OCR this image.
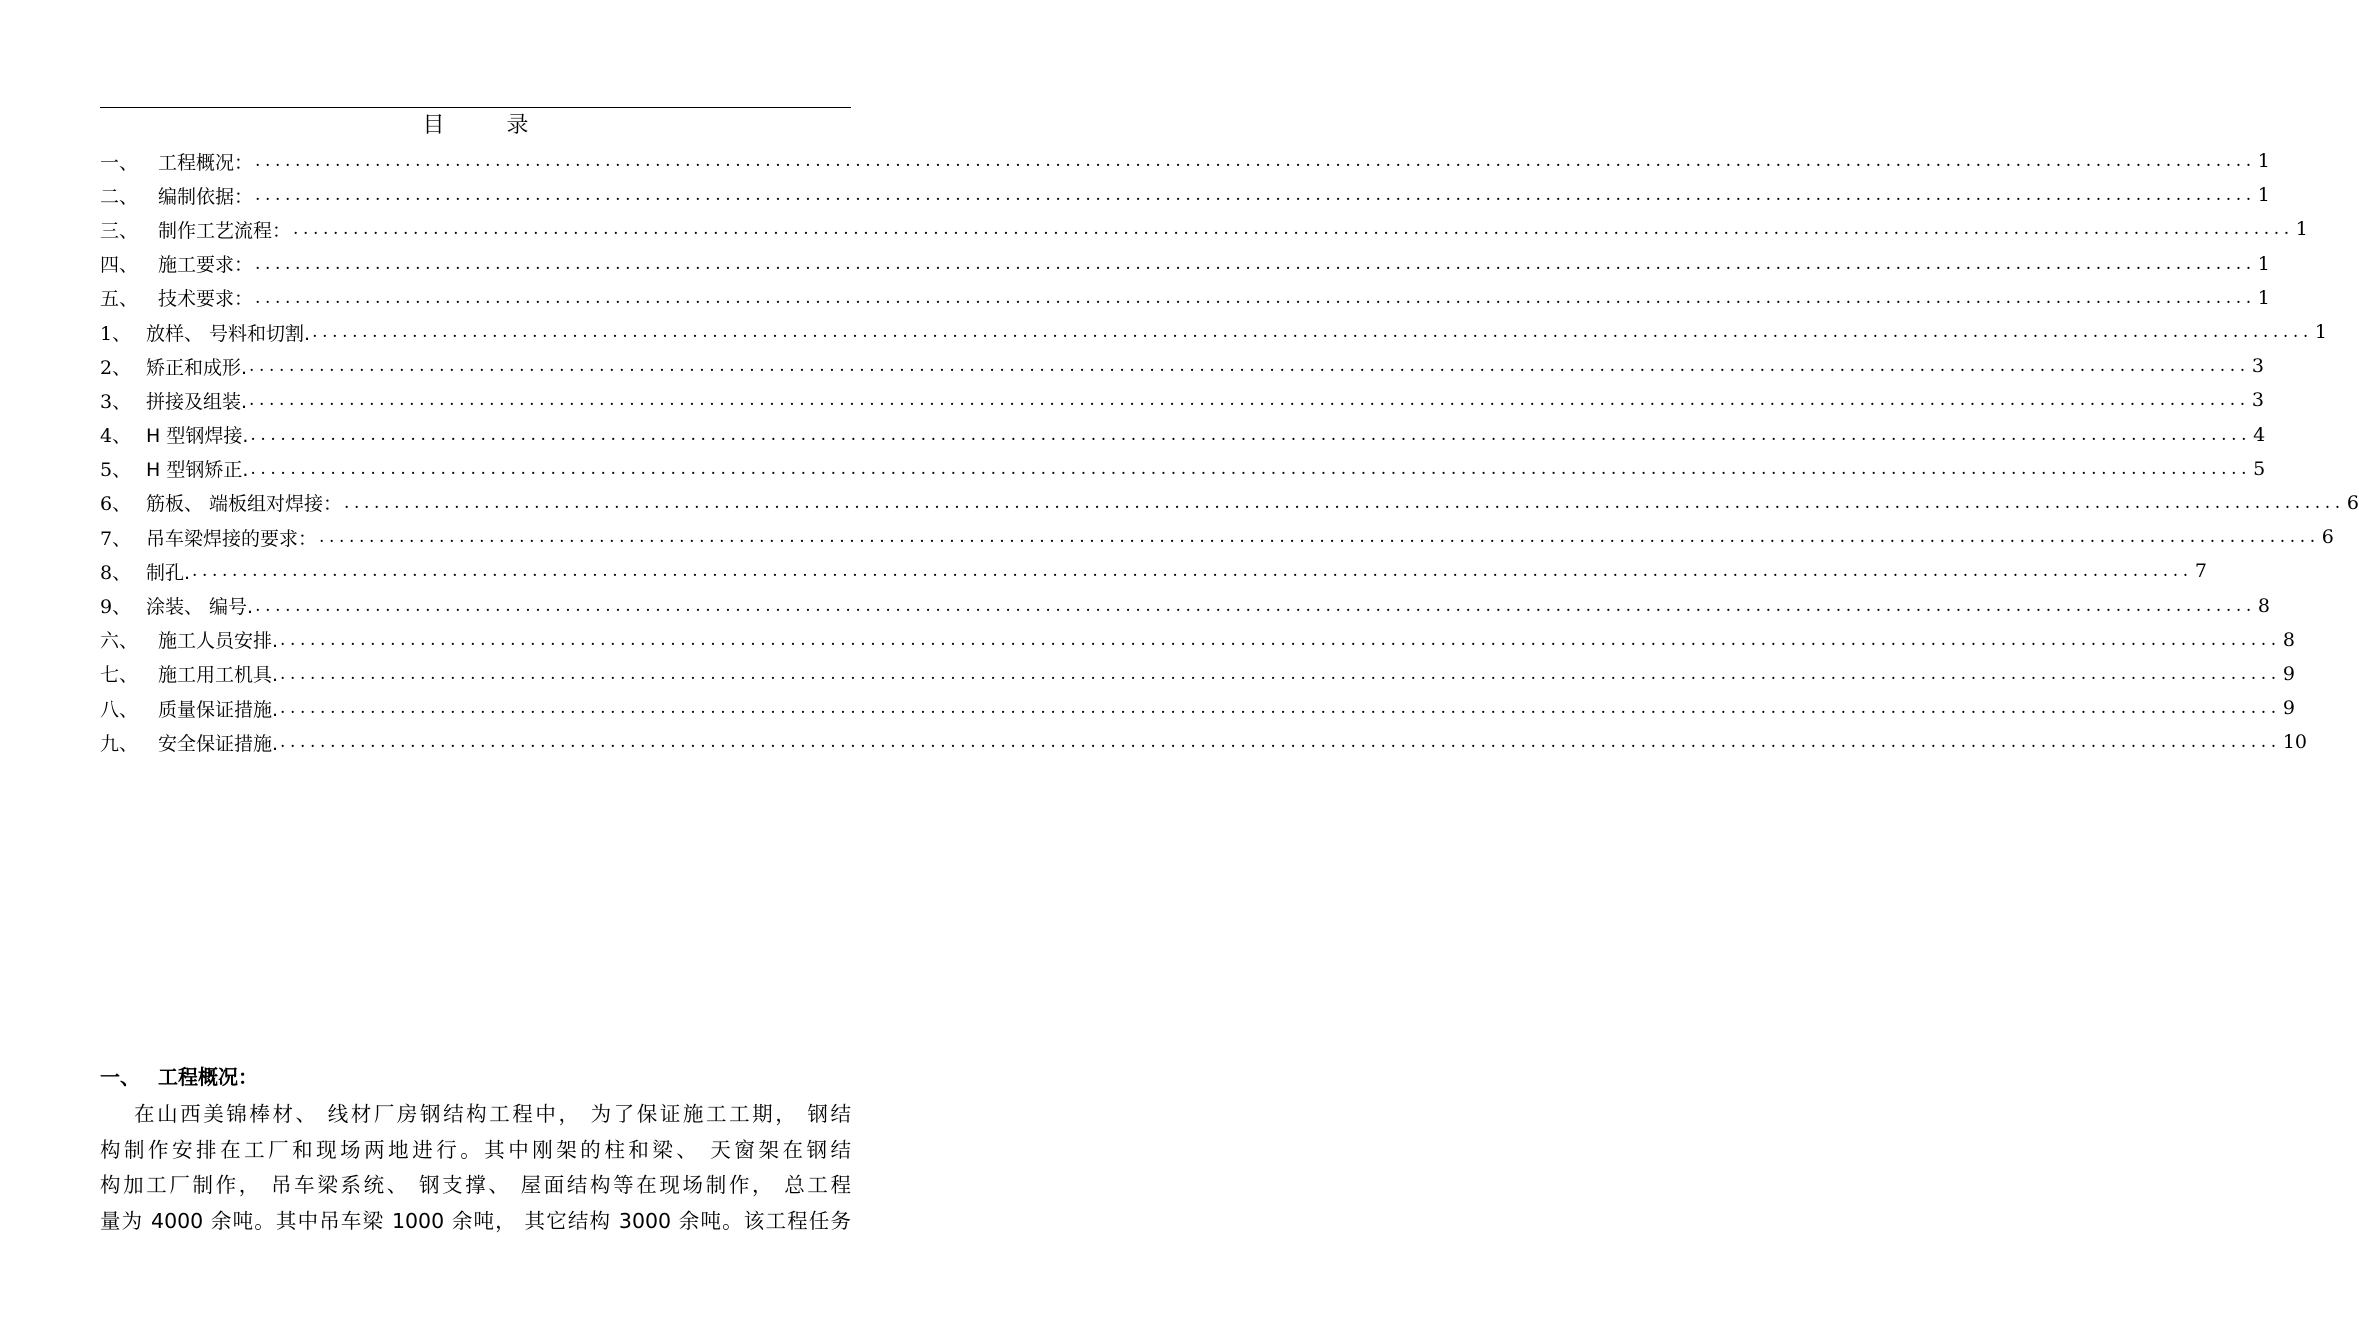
目	录
一、	工程概况： ........................................................................................................................................................................................................ 1
二、	编制依据： ........................................................................................................................................................................................................ 1
三、	制作工艺流程： ........................................................................................................................................................................................................ 1
四、	施工要求： ........................................................................................................................................................................................................ 1
五、	技术要求： ........................................................................................................................................................................................................ 1
1、 放样、 号料和切割. ........................................................................................................................................................................................................ 1
2、 矫正和成形. ........................................................................................................................................................................................................ 3
3、 拼接及组装. ........................................................................................................................................................................................................ 3
4、 H 型钢焊接. ........................................................................................................................................................................................................ 4
5、 H 型钢矫正. ........................................................................................................................................................................................................ 5
6、 筋板、 端板组对焊接： ........................................................................................................................................................................................................ 6
7、 吊车梁焊接的要求： ........................................................................................................................................................................................................ 6
8、 制孔. ........................................................................................................................................................................................................ 7
9、 涂装、 编号. ........................................................................................................................................................................................................ 8
六、	施工人员安排. ........................................................................................................................................................................................................ 8
七、	施工用工机具. ........................................................................................................................................................................................................ 9
八、	质量保证措施. ........................................................................................................................................................................................................ 9
九、	安全保证措施. ........................................................................................................................................................................................................ 10
一、 工程概况：
在山西美锦棒材、 线材厂房钢结构工程中， 为了保证施工工期， 钢结
构制作安排在工厂和现场两地进行。其中刚架的柱和梁、 天窗架在钢结
构加工厂制作， 吊车梁系统、 钢支撑、 屋面结构等在现场制作， 总工程
量为 4000 余吨。其中吊车梁 1000 余吨， 其它结构 3000 余吨。该工程任务
